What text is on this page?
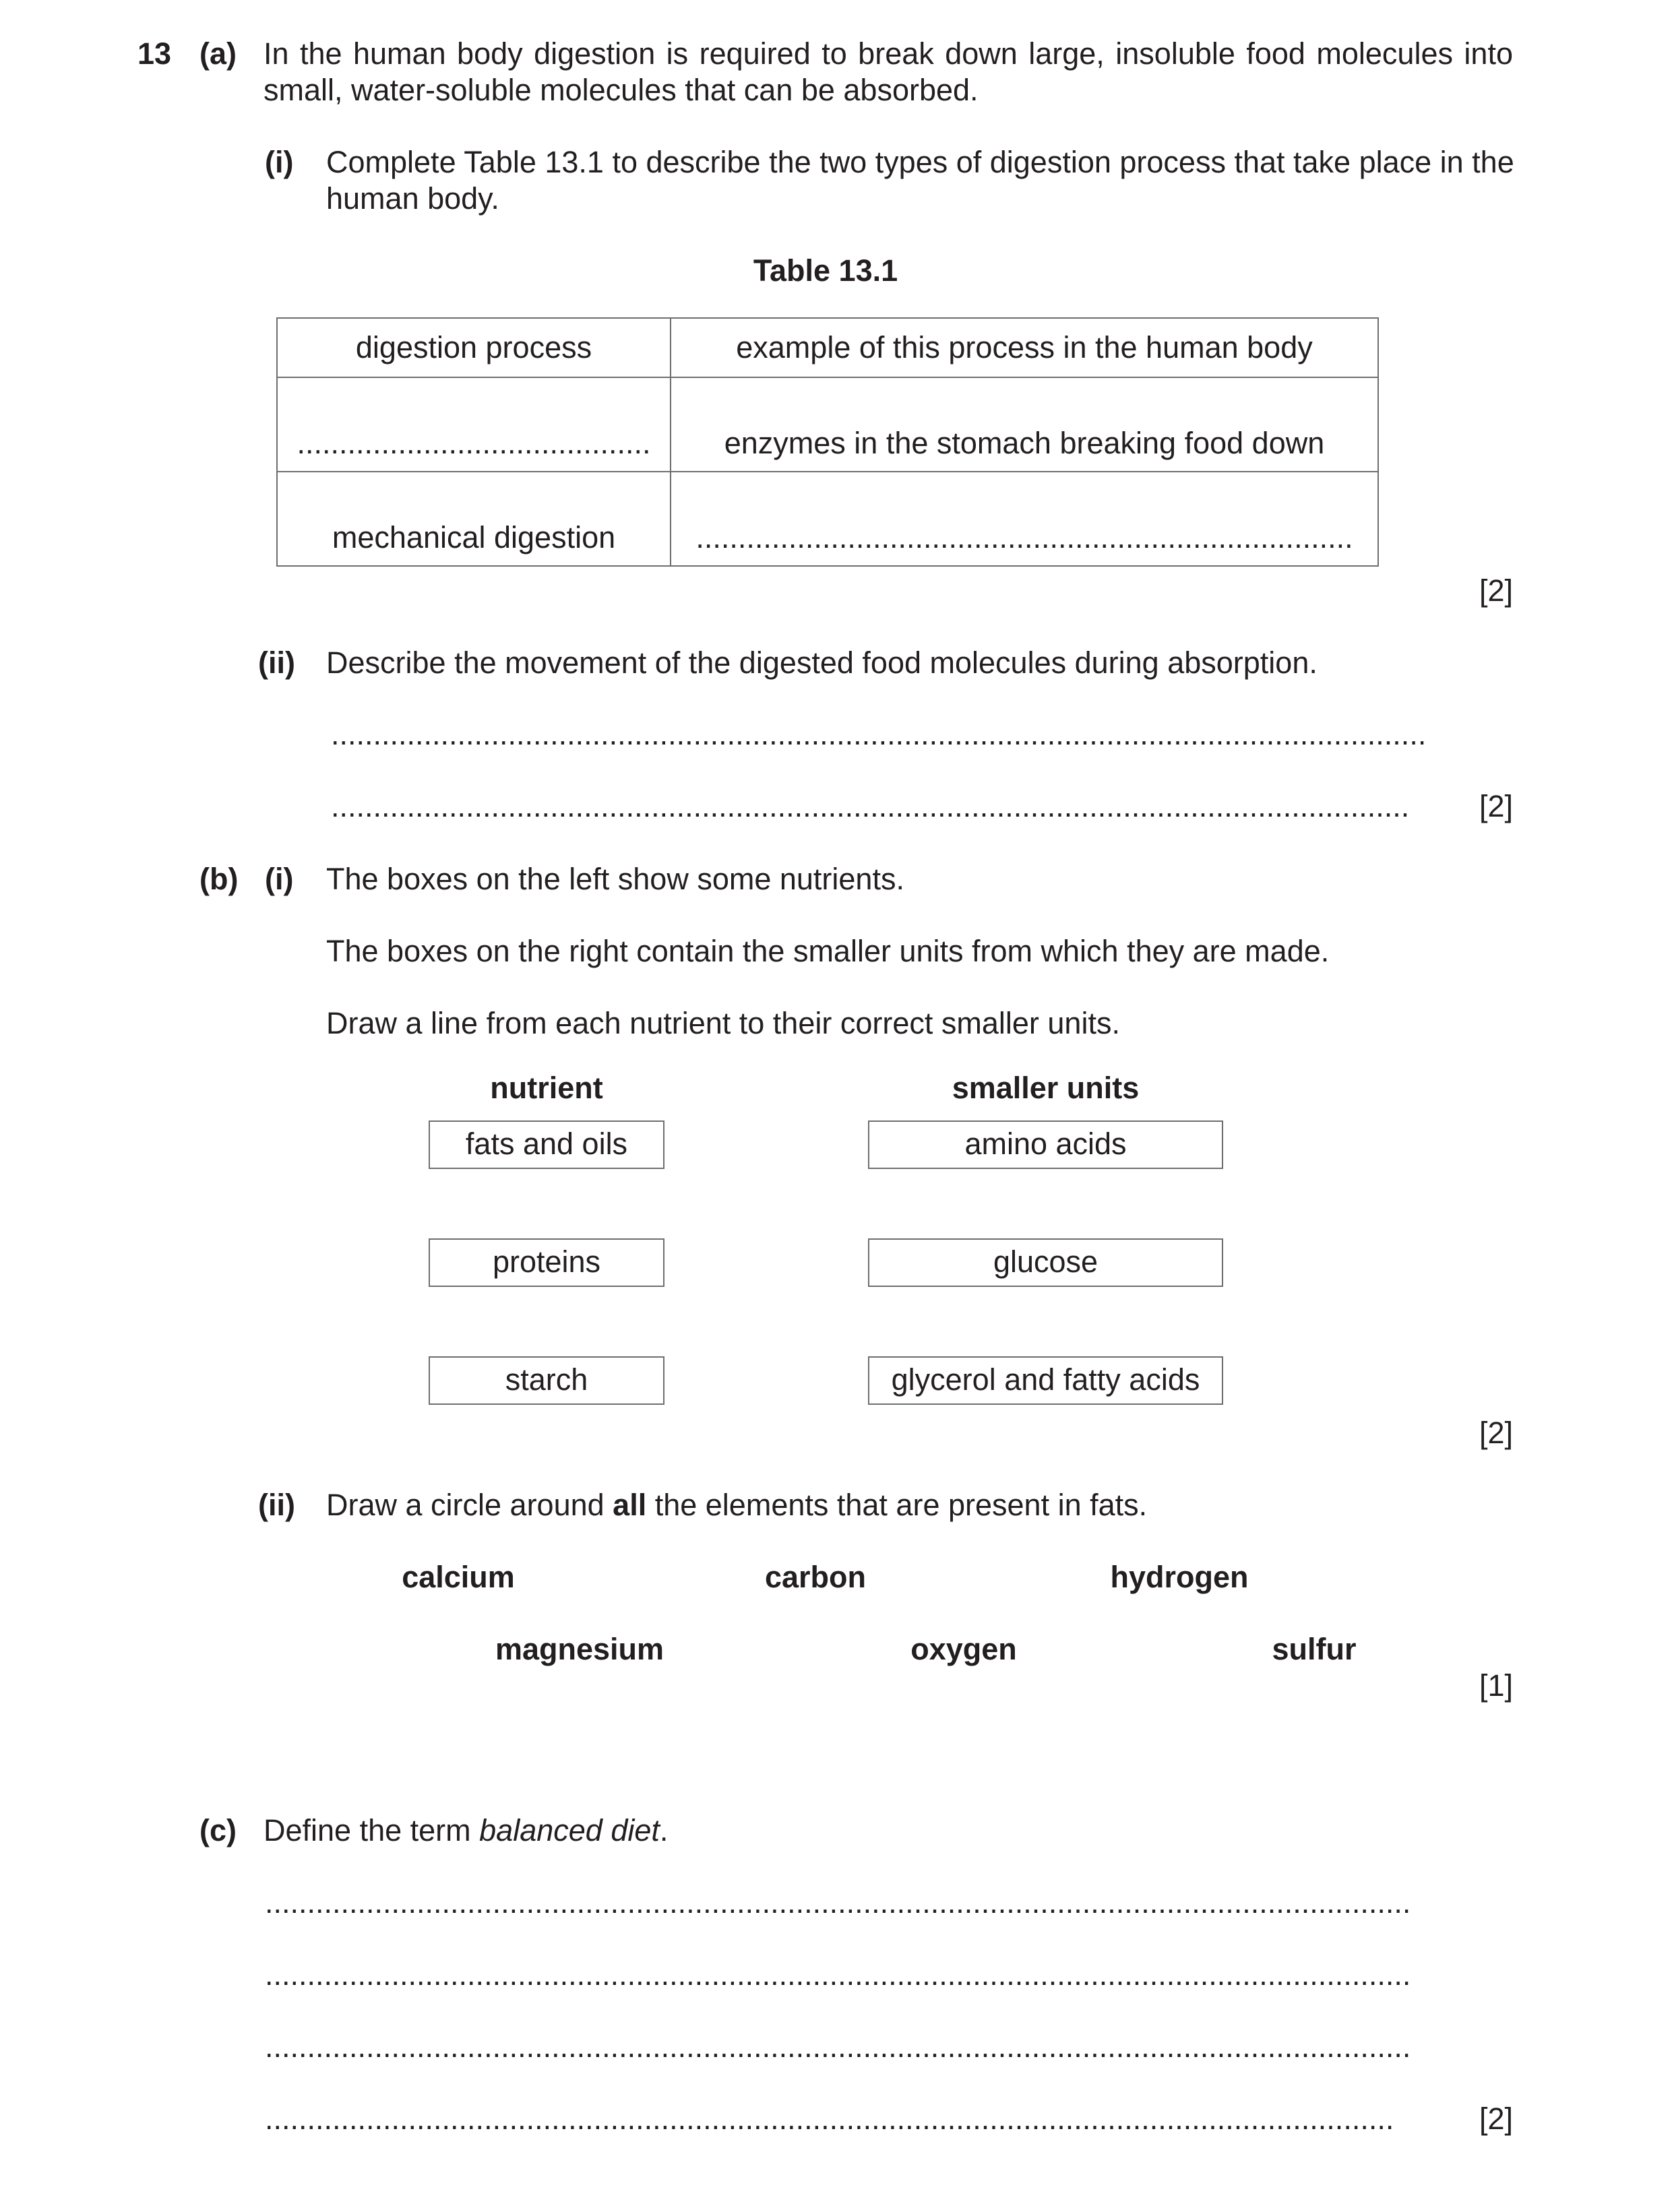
13 (a) In the human body digestion is required to break down large, insoluble food molecules into
small, water-soluble molecules that can be absorbed.
(i) Complete Table 13.1 to describe the two types of digestion process that take place in the
human body.
Table 13.1
digestion process	example of this process in the human body
..........................................	enzymes in the stomach breaking food down
mechanical digestion	..............................................................................
[2]
(ii) Describe the movement of the digested food molecules during absorption.
..................................................................................................................................
................................................................................................................................	[2]
(b) (i) The boxes on the left show some nutrients.
The boxes on the right contain the smaller units from which they are made.
Draw a line from each nutrient to their correct smaller units.
nutrient	smaller units
fats and oils
proteins
starch
amino acids
glucose
glycerol and fatty acids
[2]
(ii) Draw a circle around all the elements that are present in fats.
calcium	carbon	hydrogen
magnesium	oxygen	sulfur
[1]
(c) Define the term balanced diet.
........................................................................................................................................
........................................................................................................................................
........................................................................................................................................
......................................................................................................................................	[2]
